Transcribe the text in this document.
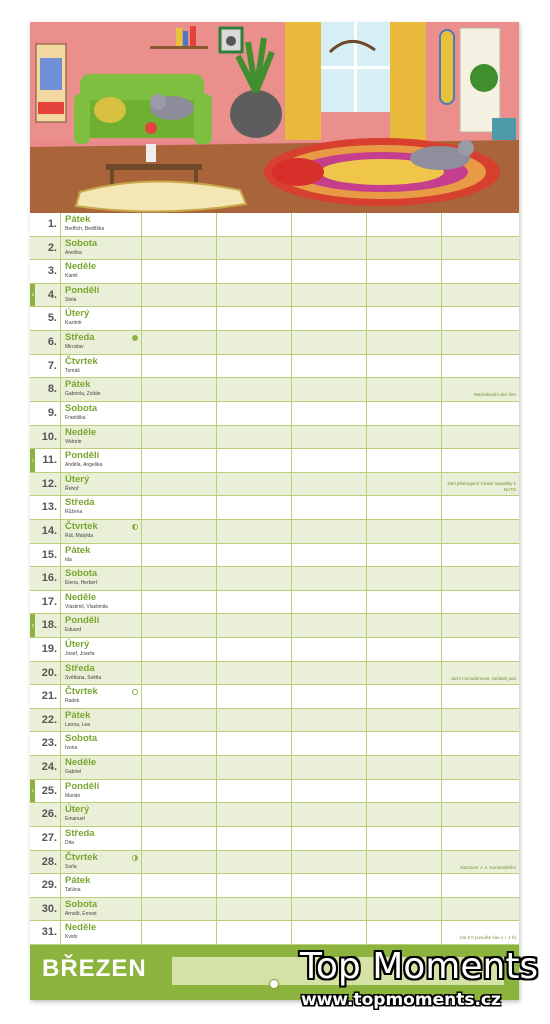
1. Pátek
Bedřich, Bedřiška
2. Sobota
Anežka
3. Neděle
Kamil
10 4. Pondělí
Stela
5. Úterý
Kazimír
6. Středa
Miroslav
7. Čtvrtek
Tomáš
8. Pátek
Gabriela, Zoltán	Mezinárodní den žen
9. Sobota
Františka
10. Neděle
Viktorie
11 11. Pondělí
Anděla, Angelika
12. Úterý
Řehoř
Den přistoupení České republiky k NATO
13. Středa
Růžena
14. Čtvrtek
Rút, Matylda
15. Pátek
Ida
16. Sobota
Elena, Herbert
17. Neděle
Vlastimil, Vlastimila
12 18. Pondělí
Eduard
19. Úterý
Josef, Josefa
20. Středa
Světlana, Světla	Jarní rovnodennost, začátek jara
21. Čtvrtek
Radek
22. Pátek
Leona, Lea
23. Sobota
Ivona
24. Neděle
Gabriel
13 25. Pondělí
Marián
26. Úterý
Emanuel
27. Středa
Dita
28. Čtvrtek
Soňa	Narození J. A. Komenského
29. Pátek
Taťána
30. Sobota
Arnošt, Ernest
31. Neděle
Kvido	(Ve 2 h posuňte čas o + 1 h)
BŘEZEN	Top Moments
www.topmoments.cz
